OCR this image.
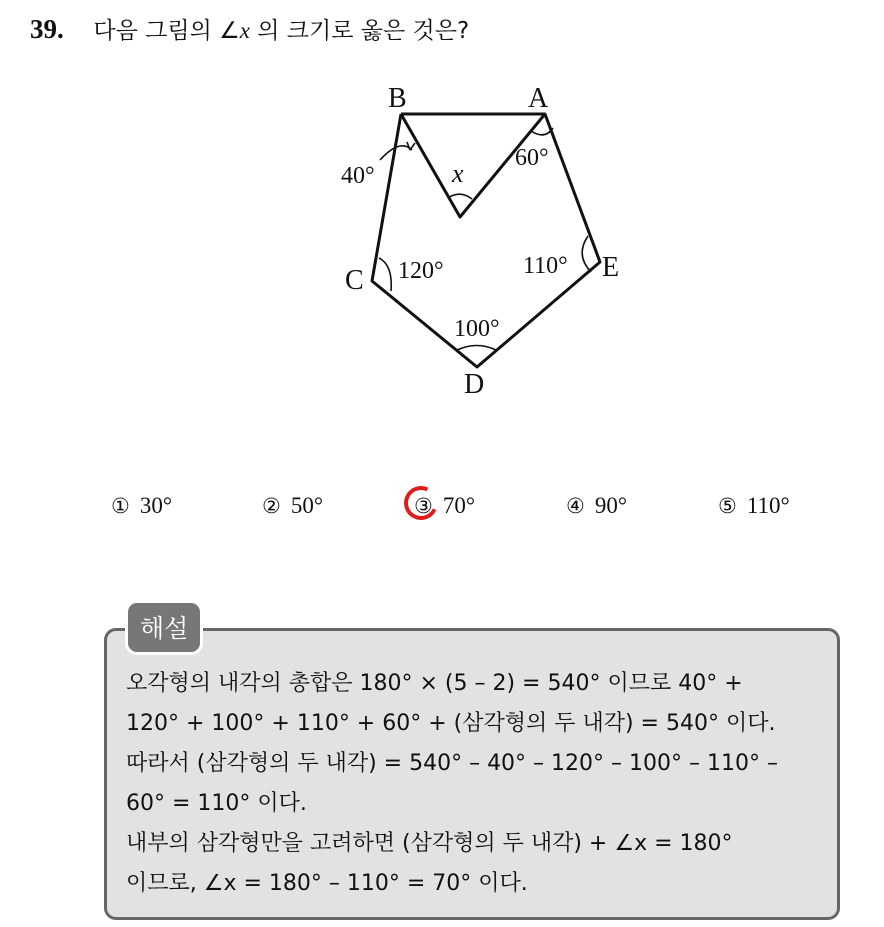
39. 다음 그림의 ∠x 의 크기로 옳은 것은?
B	A
C	E
D
40°
60°
120°	110°
100°
x
① 30°	② 50°	③ 70°	④ 90°	⑤ 110°
해설
오각형의 내각의 총합은 180° × (5 – 2) = 540° 이므로 40° +
120° + 100° + 110° + 60° + (삼각형의 두 내각) = 540° 이다.
따라서 (삼각형의 두 내각) = 540° – 40° – 120° – 100° – 110° –
60° = 110° 이다.
내부의 삼각형만을 고려하면 (삼각형의 두 내각) + ∠x = 180°
이므로, ∠x = 180° – 110° = 70° 이다.
